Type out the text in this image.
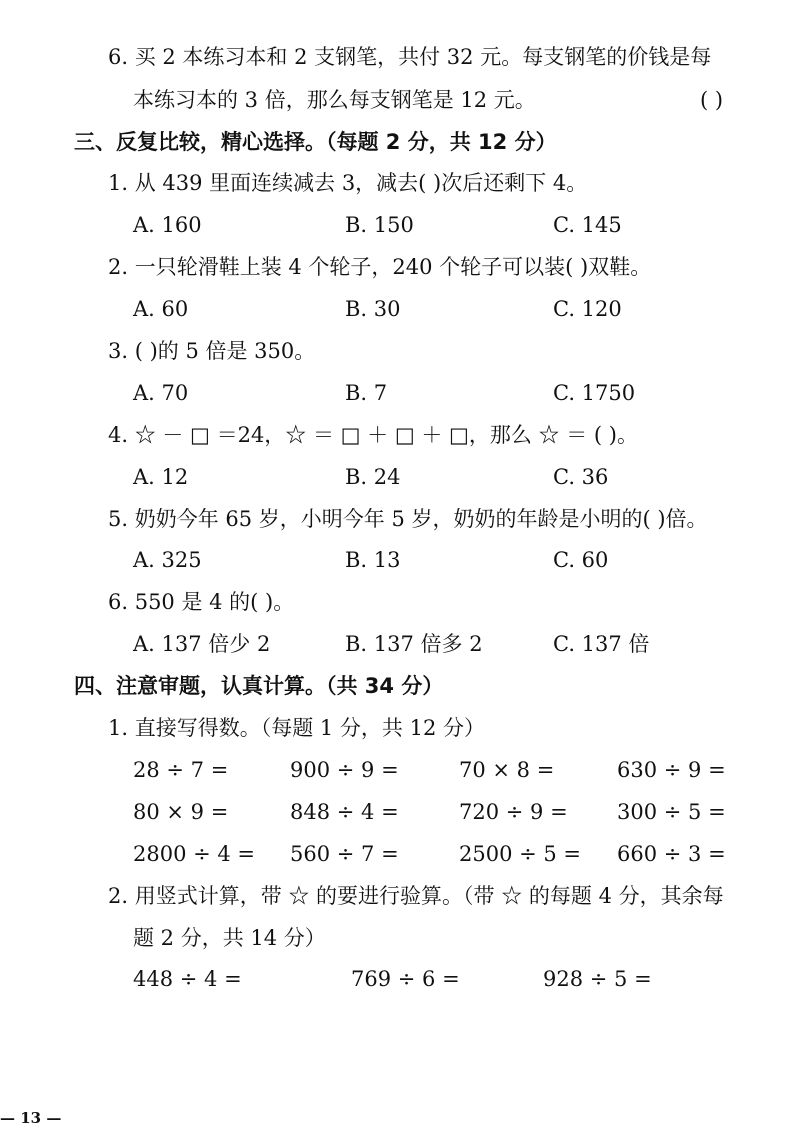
6. 买 2 本练习本和 2 支钢笔，共付 32 元。每支钢笔的价钱是每
本练习本的 3 倍，那么每支钢笔是 12 元。	( )
三、反复比较，精心选择。（每题 2 分，共 12 分）
1. 从 439 里面连续减去 3，减去( )次后还剩下 4。
A. 160	B. 150	C. 145
2. 一只轮滑鞋上装 4 个轮子，240 个轮子可以装( )双鞋。
A. 60	B. 30	C. 120
3. ( )的 5 倍是 350。
A. 70	B. 7	C. 1750
4. ☆ － □ ＝24，☆ ＝ □ ＋ □ ＋ □，那么 ☆ ＝ ( )。
A. 12	B. 24	C. 36
5. 奶奶今年 65 岁，小明今年 5 岁，奶奶的年龄是小明的( )倍。
A. 325	B. 13	C. 60
6. 550 是 4 的( )。
A. 137 倍少 2	B. 137 倍多 2	C. 137 倍
四、注意审题，认真计算。（共 34 分）
1. 直接写得数。（每题 1 分，共 12 分）
28 ÷ 7 =	900 ÷ 9 =	70 × 8 =	630 ÷ 9 =
80 × 9 =	848 ÷ 4 =	720 ÷ 9 = 300 ÷ 5 =
2800 ÷ 4 = 560 ÷ 7 =	2500 ÷ 5 = 660 ÷ 3 =
2. 用竖式计算，带 ☆ 的要进行验算。（带 ☆ 的每题 4 分，其余每
题 2 分，共 14 分）
448 ÷ 4 =	769 ÷ 6 =	928 ÷ 5 =
— 13 —
